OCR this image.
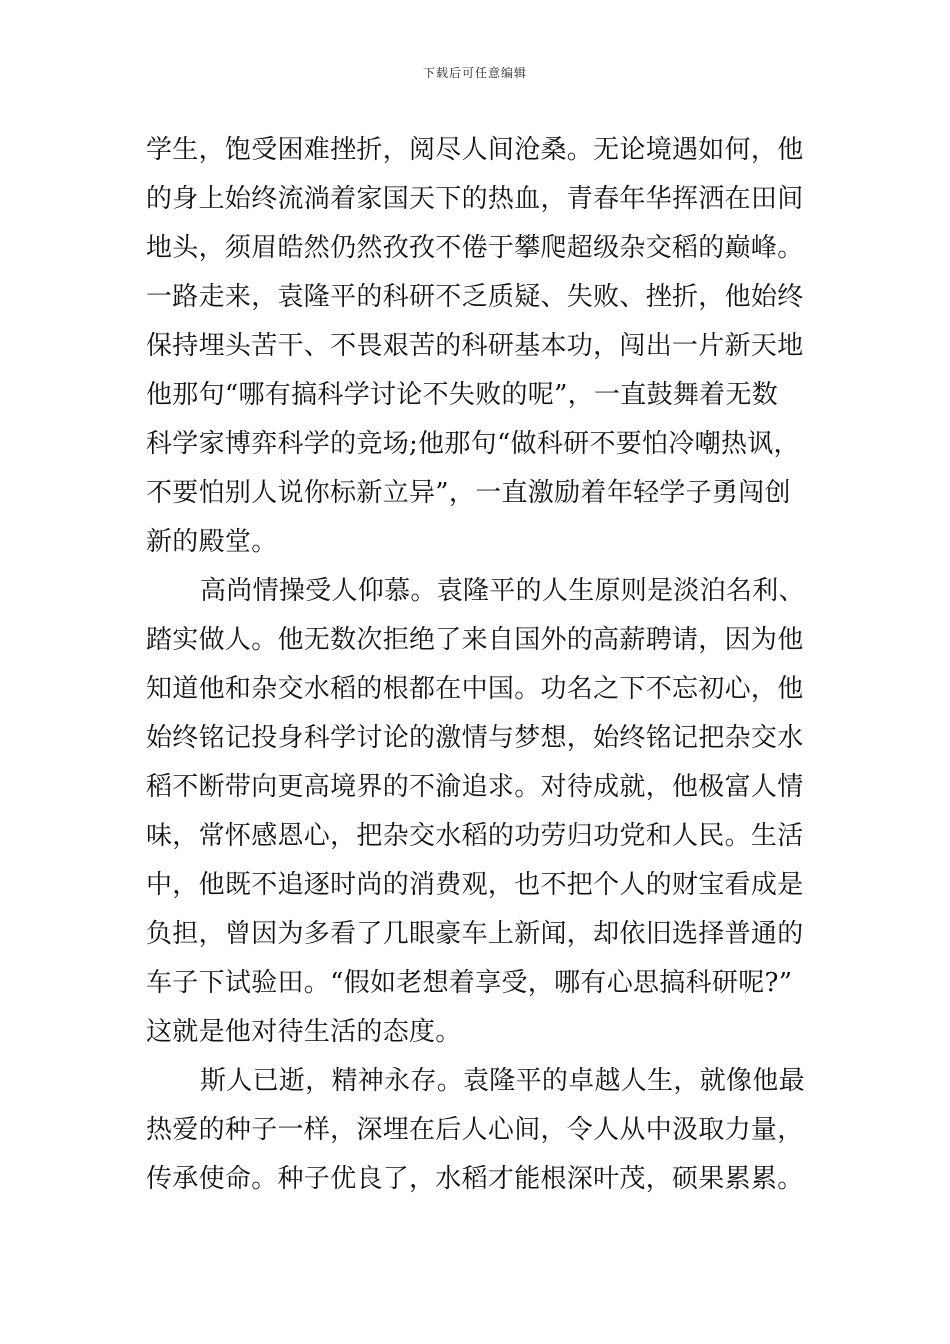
下载后可任意编辑
学生，饱受困难挫折，阅尽人间沧桑。无论境遇如何，他
的身上始终流淌着家国天下的热血，青春年华挥洒在田间
地头，须眉皓然仍然孜孜不倦于攀爬超级杂交稻的巅峰。
一路走来，袁隆平的科研不乏质疑、失败、挫折，他始终
保持埋头苦干、不畏艰苦的科研基本功，闯出一片新天地
他那句“哪有搞科学讨论不失败的呢”，一直鼓舞着无数
科学家博弈科学的竞场;他那句“做科研不要怕冷嘲热讽，
不要怕别人说你标新立异”，一直激励着年轻学子勇闯创
新的殿堂。
高尚情操受人仰慕。袁隆平的人生原则是淡泊名利、
踏实做人。他无数次拒绝了来自国外的高薪聘请，因为他
知道他和杂交水稻的根都在中国。功名之下不忘初心，他
始终铭记投身科学讨论的激情与梦想，始终铭记把杂交水
稻不断带向更高境界的不渝追求。对待成就，他极富人情
味，常怀感恩心，把杂交水稻的功劳归功党和人民。生活
中，他既不追逐时尚的消费观，也不把个人的财宝看成是
负担，曾因为多看了几眼豪车上新闻，却依旧选择普通的
车子下试验田。“假如老想着享受，哪有心思搞科研呢?”
这就是他对待生活的态度。
斯人已逝，精神永存。袁隆平的卓越人生，就像他最
热爱的种子一样，深埋在后人心间，令人从中汲取力量，
传承使命。种子优良了，水稻才能根深叶茂，硕果累累。
